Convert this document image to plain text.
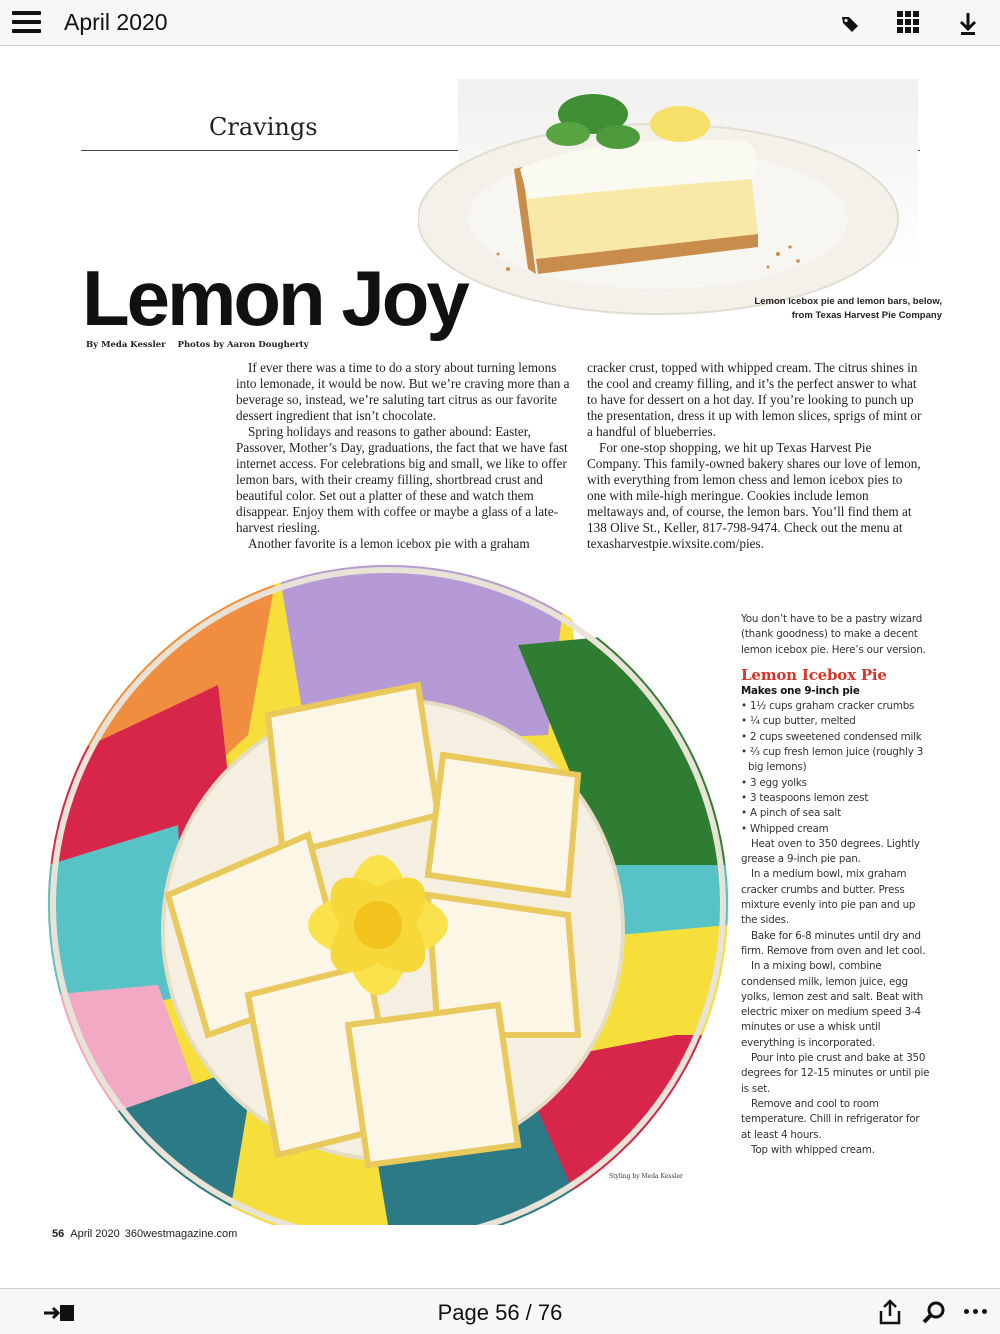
April 2020
Cravings
Lemon icebox pie and lemon bars, below,
from Texas Harvest Pie Company
Lemon Joy
By Meda Kessler Photos by Aaron Dougherty

If ever there was a time to do a story about turning lemons into lemonade, it would be now. But we’re craving more than a beverage so, instead, we’re saluting tart citrus as our favorite dessert ingredient that isn’t chocolate.

Spring holidays and reasons to gather abound: Easter, Passover, Mother’s Day, graduations, the fact that we have fast internet access. For celebrations big and small, we like to offer lemon bars, with their creamy filling, shortbread crust and beautiful color. Set out a platter of these and watch them disappear. Enjoy them with coffee or maybe a glass of a late-harvest riesling.

Another favorite is a lemon icebox pie with a graham

cracker crust, topped with whipped cream. The citrus shines in the cool and creamy filling, and it’s the perfect answer to what to have for dessert on a hot day. If you’re looking to punch up the presentation, dress it up with lemon slices, sprigs of mint or a handful of blueberries.

For one-stop shopping, we hit up Texas Harvest Pie Company. This family-owned bakery shares our love of lemon, with everything from lemon chess and lemon icebox pies to one with mile-high meringue. Cookies include lemon meltaways and, of course, the lemon bars. You’ll find them at 138 Olive St., Keller, 817-798-9474. Check out the menu at texasharvestpie.wixsite.com/pies.

Styling by Meda Kessler
You don’t have to be a pastry wizard (thank goodness) to make a decent lemon icebox pie. Here’s our version.
Lemon Icebox Pie
Makes one 9-inch pie
• 1½ cups graham cracker crumbs
• ¼ cup butter, melted
• 2 cups sweetened condensed milk
• ⅔ cup fresh lemon juice (roughly 3 big lemons)
• 3 egg yolks
• 3 teaspoons lemon zest
• A pinch of sea salt
• Whipped cream

Heat oven to 350 degrees. Lightly grease a 9-inch pie pan.

In a medium bowl, mix graham cracker crumbs and butter. Press mixture evenly into pie pan and up the sides.

Bake for 6-8 minutes until dry and firm. Remove from oven and let cool.

In a mixing bowl, combine condensed milk, lemon juice, egg yolks, lemon zest and salt. Beat with electric mixer on medium speed 3-4 minutes or use a whisk until everything is incorporated.

Pour into pie crust and bake at 350 degrees for 12-15 minutes or until pie is set.

Remove and cool to room temperature. Chill in refrigerator for at least 4 hours.

Top with whipped cream.

56 April 2020 360westmagazine.com
Page 56 / 76
